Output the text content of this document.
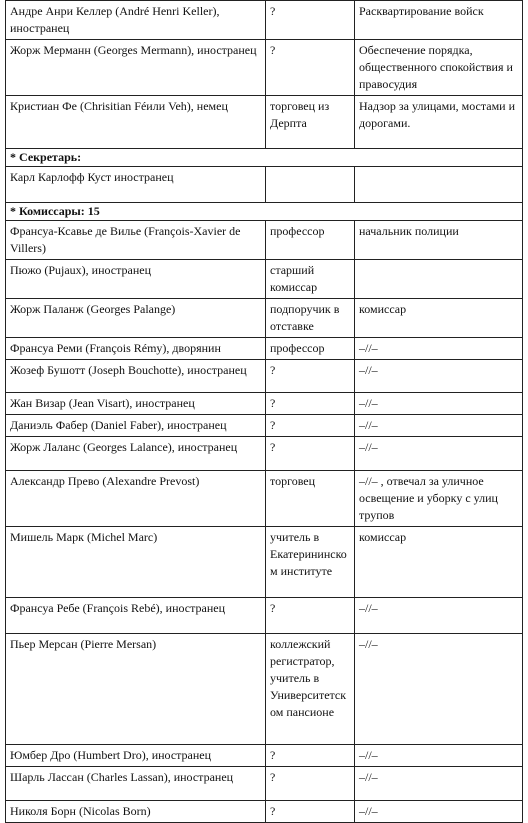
Андре Анри Келлер (André Henri Keller), иностранец	?	Расквартирование войск
Жорж Мерманн (Georges Mermann), иностранец	?	Обеспечение порядка, общественного спокойствия и правосудия
Кристиан Фе (Chrisitian Féили Veh), немец	торговец из Дерпта	Надзор за улицами, мостами и дорогами.
* Секретарь:		
Карл Карлофф Куст иностранец		
* Комиссары: 15		
Франсуа-Ксавье де Вилье (François-Xavier de Villers)	профессор	начальник полиции
Пюжо (Pujaux), иностранец	старший комиссар	
Жорж Паланж (Georges Palange)	подпоручик в отставке	комиссар
Франсуа Реми (François Rémy), дворянин	профессор	–//–
Жозеф Бушотт (Joseph Bouchotte), иностранец	?	–//–
Жан Визар (Jean Visart), иностранец	?	–//–
Даниэль Фабер (Daniel Faber), иностранец	?	–//–
Жорж Лаланс (Georges Lalance), иностранец	?	–//–
Александр Прево (Alexandre Prevost)	торговец	–//– , отвечал за уличное освещение и уборку с улиц трупов
Мишель Марк (Michel Marc)	учитель в Екатерининском институте	комиссар
Франсуа Ребе (François Rebé), иностранец	?	–//–
Пьер Мерсан (Pierre Mersan)	коллежский регистратор, учитель в Университетском пансионе	–//–
Юмбер Дро (Humbert Dro), иностранец	?	–//–
Шарль Лассан (Charles Lassan), иностранец	?	–//–
Николя Борн (Nicolas Born)	?	–//–
